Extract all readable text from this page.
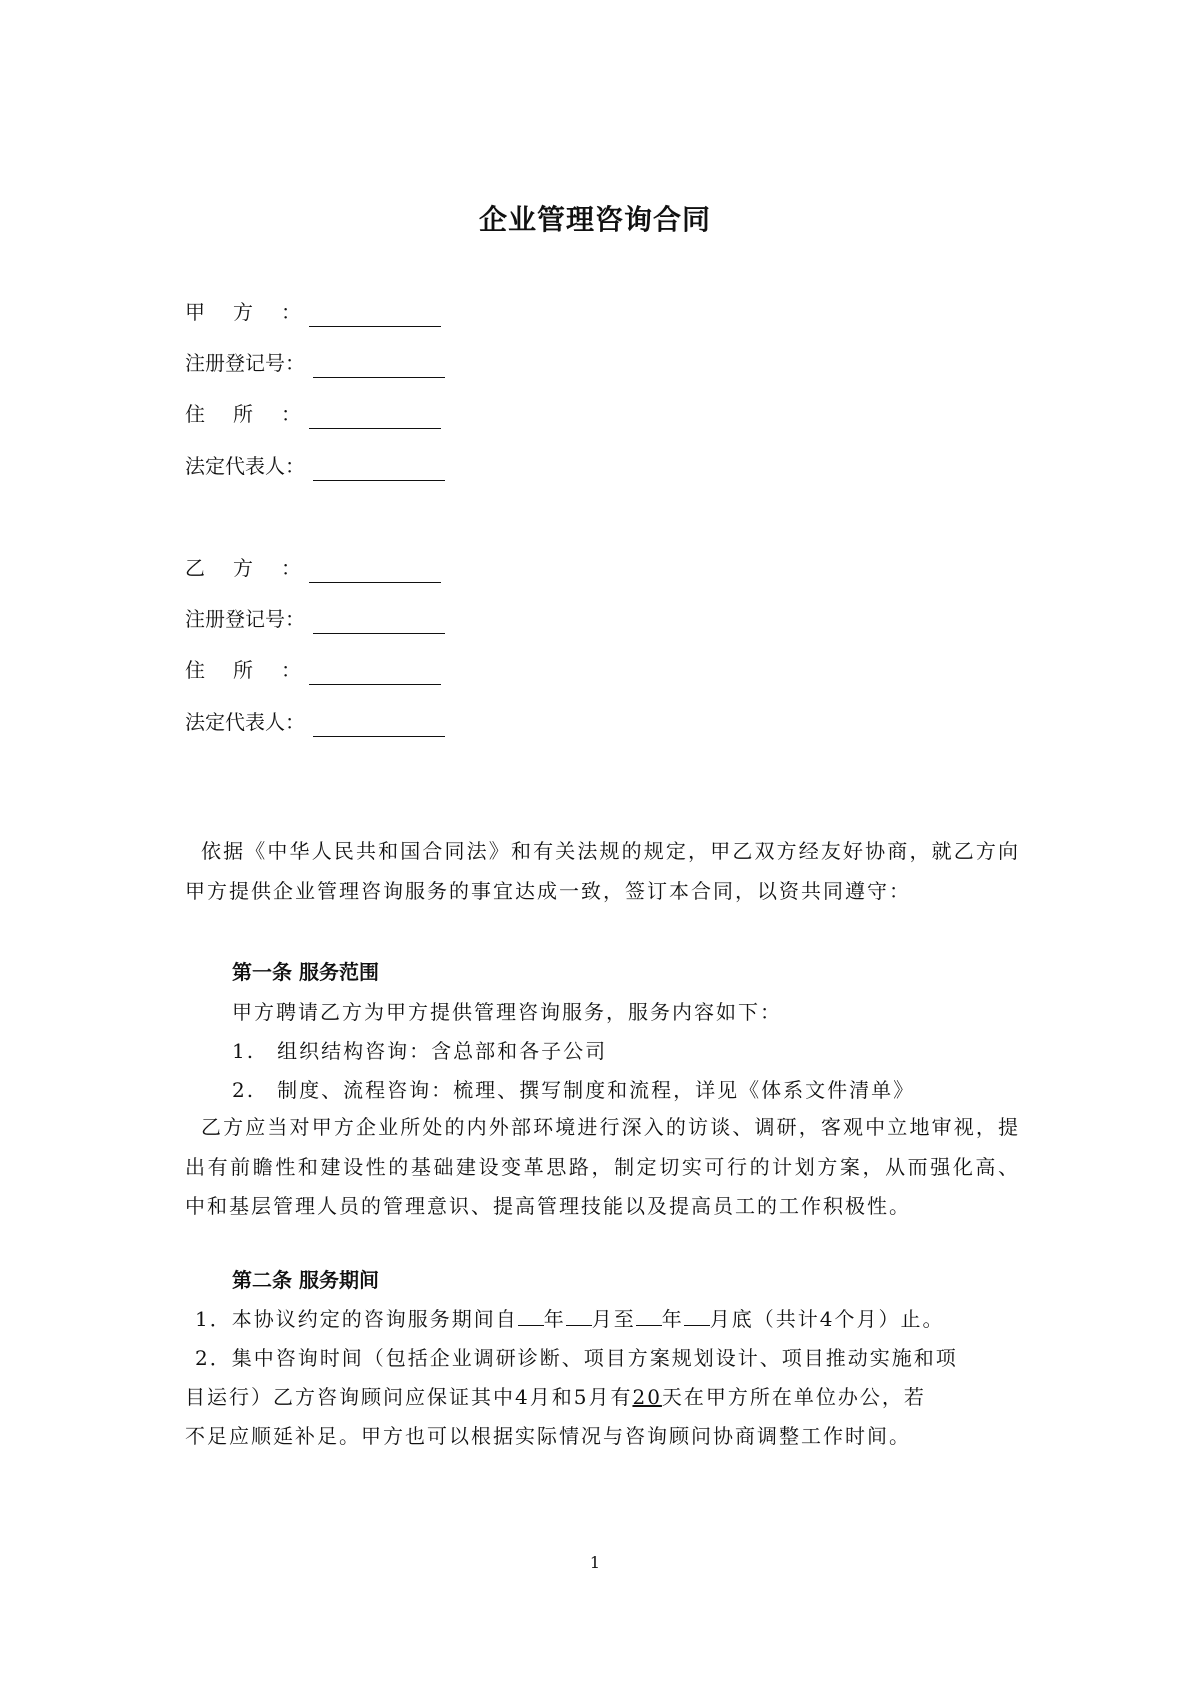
企业管理咨询合同
甲方：
注册登记号：
住所：
法定代表人：
乙方：
注册登记号：
住所：
法定代表人：
依据《中华人民共和国合同法》和有关法规的规定，甲乙双方经友好协商，就乙方向甲方提供企业管理咨询服务的事宜达成一致，签订本合同，以资共同遵守：
第一条 服务范围
甲方聘请乙方为甲方提供管理咨询服务，服务内容如下：
1. 组织结构咨询：含总部和各子公司
2. 制度、流程咨询：梳理、撰写制度和流程，详见《体系文件清单》
乙方应当对甲方企业所处的内外部环境进行深入的访谈、调研，客观中立地审视，提出有前瞻性和建设性的基础建设变革思路，制定切实可行的计划方案，从而强化高、中和基层管理人员的管理意识、提高管理技能以及提高员工的工作积极性。
第二条 服务期间
1．本协议约定的咨询服务期间自 年 月至 年 月底（共计4个月）止。
2．集中咨询时间（包括企业调研诊断、项目方案规划设计、项目推动实施和项
目运行）乙方咨询顾问应保证其中4月和5月有20天在甲方所在单位办公，若
不足应顺延补足。甲方也可以根据实际情况与咨询顾问协商调整工作时间。
1
